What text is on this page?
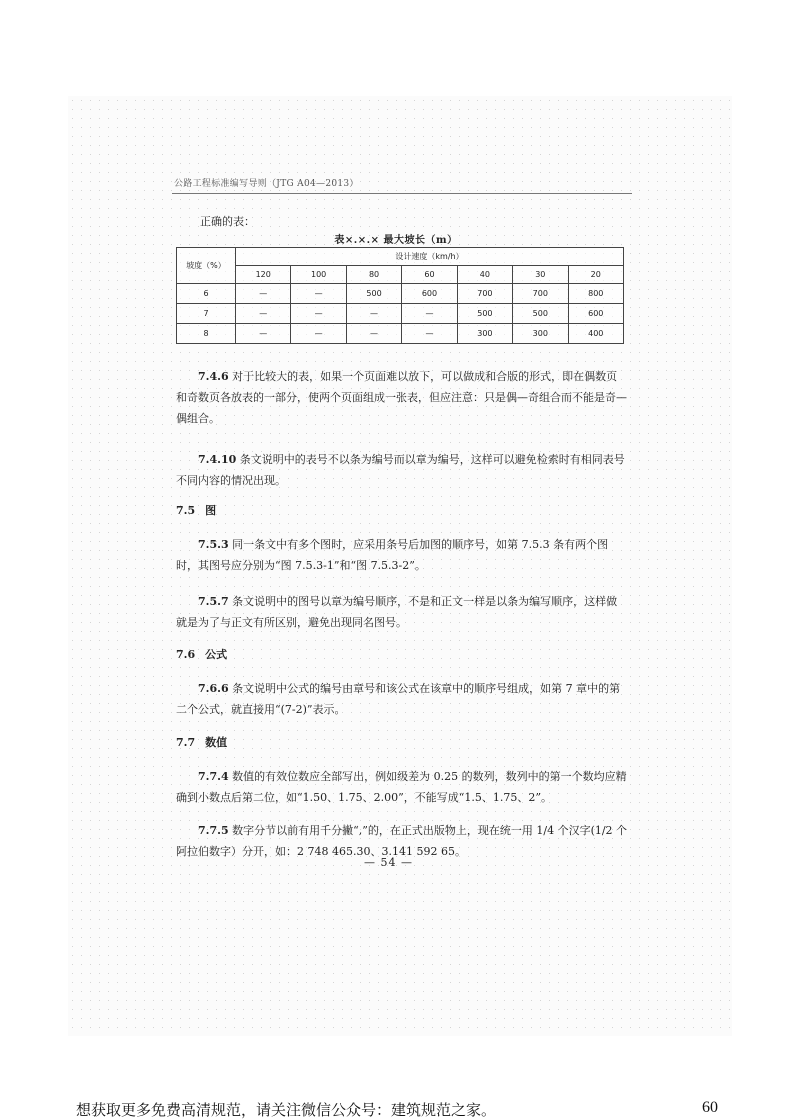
公路工程标准编写导则（JTG A04—2013）
正确的表：
表×.×.× 最大坡长（m）
坡度（%）	设计速度（km/h）						
	120	100	80	60	40	30	20
6	—	—	500	600	700	700	800
7	—	—	—	—	500	500	600
8	—	—	—	—	300	300	400

7.4.6 对于比较大的表，如果一个页面难以放下，可以做成和合版的形式，即在偶数页和奇数页各放表的一部分，使两个页面组成一张表，但应注意：只是偶—奇组合而不能是奇—偶组合。

7.4.10 条文说明中的表号不以条为编号而以章为编号，这样可以避免检索时有相同表号不同内容的情况出现。

7.5 图

7.5.3 同一条文中有多个图时，应采用条号后加图的顺序号，如第 7.5.3 条有两个图时，其图号应分别为“图 7.5.3-1”和“图 7.5.3-2”。

7.5.7 条文说明中的图号以章为编号顺序，不是和正文一样是以条为编写顺序，这样做就是为了与正文有所区别，避免出现同名图号。

7.6 公式

7.6.6 条文说明中公式的编号由章号和该公式在该章中的顺序号组成，如第 7 章中的第二个公式，就直接用“(7-2)”表示。

7.7 数值

7.7.4 数值的有效位数应全部写出，例如级差为 0.25 的数列，数列中的第一个数均应精确到小数点后第二位，如“1.50、1.75、2.00”，不能写成“1.5、1.75、2”。

7.7.5 数字分节以前有用千分撇“,”的，在正式出版物上，现在统一用 1/4 个汉字(1/2 个阿拉伯数字）分开，如：2 748 465.30、3.141 592 65。

— 54 —
想获取更多免费高清规范，请关注微信公众号：建筑规范之家。	60
